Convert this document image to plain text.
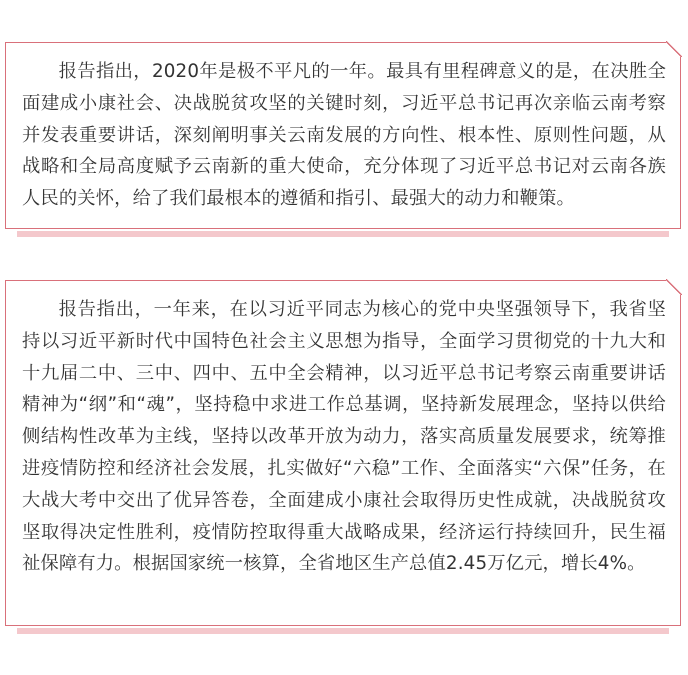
报告指出，2020年是极不平凡的一年。最具有里程碑意义的是，在决胜全面建成小康社会、决战脱贫攻坚的关键时刻，习近平总书记再次亲临云南考察并发表重要讲话，深刻阐明事关云南发展的方向性、根本性、原则性问题，从战略和全局高度赋予云南新的重大使命，充分体现了习近平总书记对云南各族人民的关怀，给了我们最根本的遵循和指引、最强大的动力和鞭策。

报告指出，一年来，在以习近平同志为核心的党中央坚强领导下，我省坚持以习近平新时代中国特色社会主义思想为指导，全面学习贯彻党的十九大和十九届二中、三中、四中、五中全会精神，以习近平总书记考察云南重要讲话精神为“纲”和“魂”，坚持稳中求进工作总基调，坚持新发展理念，坚持以供给侧结构性改革为主线，坚持以改革开放为动力，落实高质量发展要求，统筹推进疫情防控和经济社会发展，扎实做好“六稳”工作、全面落实“六保”任务，在大战大考中交出了优异答卷，全面建成小康社会取得历史性成就，决战脱贫攻坚取得决定性胜利，疫情防控取得重大战略成果，经济运行持续回升，民生福祉保障有力。根据国家统一核算，全省地区生产总值2.45万亿元，增长4%。
